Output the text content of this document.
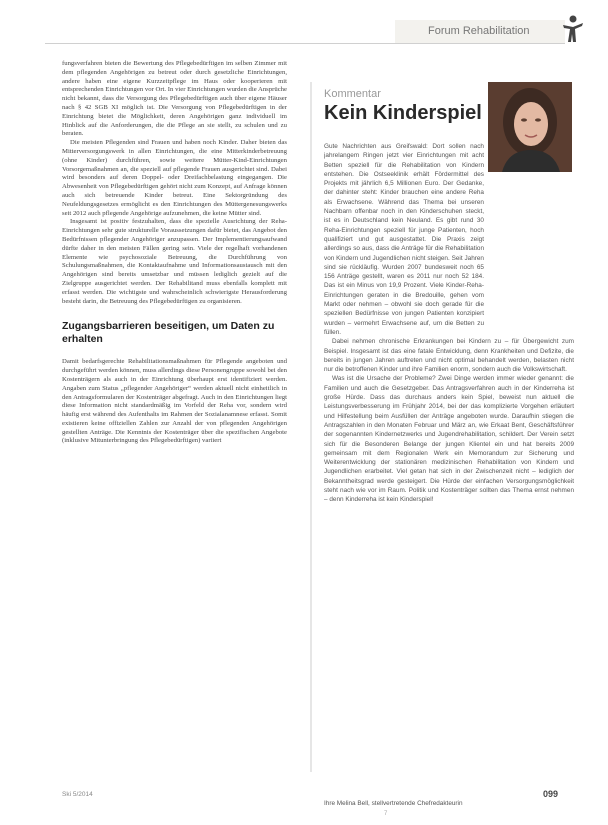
Forum Rehabilitation

fungsverfahren bieten die Bewertung des Pflegebedürftigen im selben Zimmer mit dem pflegenden Angehörigen zu betreut oder durch gesetzliche Einrichtungen, andere haben eine eigene Kurzzeitpflege im Haus oder kooperieren mit entsprechenden Einrichtungen vor Ort. In vier Einrichtungen wurden die Ansprüche nicht bekannt, dass die Versorgung des Pflegebedürftigen auch über eigene Häuser nach § 42 SGB XI möglich ist. Die Versorgung von Pflegebedürftigen in der Einrichtung bietet die Möglichkeit, deren Angehörigen ganz individuell im Hinblick auf die Anforderungen, die die Pflege an sie stellt, zu schulen und zu beraten.

Die meisten Pflegenden sind Frauen und haben noch Kinder. Daher bieten das Mitterversorgungswerk in allen Einrichtungen, die eine Mitterkinderbetreuung (ohne Kinder) durchführen, sowie weitere Mütter-Kind-Einrichtungen Vorsorgemaßnahmen an, die speziell auf pflegende Frauen ausgerichtet sind. Dabei wird besonders auf deren Doppel- oder Dreifachbelastung eingegangen. Die Abwesenheit von Pflegebedürftigen gehört nicht zum Konzept, auf Anfrage können auch sich betreuende Kinder betreut. Eine Sektorgründung des Neufeldungsgesetzes ermöglicht es den Einrichtungen des Müttergenesungswerks seit 2012 auch pflegende Angehörige aufzunehmen, die keine Mütter sind.

Insgesamt ist positiv festzuhalten, dass die spezielle Ausrichtung der Reha-Einrichtungen sehr gute strukturelle Voraussetzungen dafür bietet, das Angebot den Bedürfnissen pflegender Angehöriger anzupassen. Der Implementierungsaufwand dürfte daher in den meisten Fällen gering sein. Viele der regelhaft vorhandenen Elemente wie psychosoziale Betreuung, die Durchführung von Schulungsmaßnahmen, die Kontaktaufnahme und Informationsaustausch mit den Angehörigen sind bereits umsetzbar und müssen lediglich gezielt auf die Zielgruppe ausgerichtet werden. Der Rehabilitand muss ebenfalls komplett mit erfasst werden. Die wichtigste und wahrscheinlich schwierigste Herausforderung besteht darin, die Betreuung des Pflegebedürftigen zu organisieren.

Zugangsbarrieren beseitigen, um Daten zu erhalten

Damit bedarfsgerechte Rehabilitationsmaßnahmen für Pflegende angeboten und durchgeführt werden können, muss allerdings diese Personengruppe sowohl bei den Kostenträgern als auch in der Einrichtung überhaupt erst identifiziert werden. Angaben zum Status „pflegender Angehöriger“ werden aktuell nicht einheitlich in den Antragsformularen der Kostenträger abgefragt. Auch in den Einrichtungen liegt diese Information nicht standardmäßig im Vorfeld der Reha vor, sondern wird häufig erst während des Aufenthalts im Rahmen der Sozialanamnese erfasst. Somit existieren keine offiziellen Zahlen zur Anzahl der von pflegenden Angehörigen gestellten Anträge. Die Kenntnis der Kostenträger über die spezifischen Angebote (inklusive Mitunterbringung des Pflegebedürftigen) variiert

Kommentar
Kein Kinderspiel

Gute Nachrichten aus Greifswald: Dort sollen nach jahrelangem Ringen jetzt vier Einrichtungen mit acht Betten speziell für die Rehabilitation von Kindern entstehen. Die Ostseeklinik erhält Fördermittel des Projekts mit jährlich 6,5 Millionen Euro. Der Gedanke, der dahinter steht: Kinder brauchen eine andere Reha als Erwachsene. Während das Thema bei unseren Nachbarn offenbar noch in den Kinderschuhen steckt, ist es in Deutschland kein Neuland. Es gibt rund 30 Reha-Einrichtungen speziell für junge Patienten, hoch qualifiziert und gut ausgestattet. Die Praxis zeigt allerdings so aus, dass die Anträge für die Rehabilitation von Kindern und Jugendlichen nicht steigen. Seit Jahren sind sie rückläufig. Wurden 2007 bundesweit noch 65 156 Anträge gestellt, waren es 2011 nur noch 52 184. Das ist ein Minus von 19,9 Prozent. Viele Kinder-Reha-Einrichtungen geraten in die Bredouille, gehen vom Markt oder nehmen – obwohl sie doch gerade für die speziellen Bedürfnisse von jungen Patienten konzipiert wurden – vermehrt Erwachsene auf, um die Betten zu füllen.

Dabei nehmen chronische Erkrankungen bei Kindern zu – für Übergewicht zum Beispiel. Insgesamt ist das eine fatale Entwicklung, denn Krankheiten und Defizite, die bereits in jungen Jahren auftreten und nicht optimal behandelt werden, belasten nicht nur die betroffenen Kinder und ihre Familien enorm, sondern auch die Volkswirtschaft.

Was ist die Ursache der Probleme? Zwei Dinge werden immer wieder genannt: die Familien und auch die Gesetzgeber. Das Antragsverfahren auch in der Kinderreha ist große Hürde. Dass das durchaus anders kein Spiel, beweist nun aktuell die Leistungsverbesserung im Frühjahr 2014, bei der das komplizierte Vorgehen erläutert und Hilfestellung beim Ausfüllen der Anträge angeboten wurde. Daraufhin stiegen die Antragszahlen in den Monaten Februar und März an, wie Erkaat Bent, Geschäftsführer der sogenannten Kindernetzwerks und Jugendrehabilitation, schildert. Der Verein setzt sich für die Besonderen Belange der jungen Klientel ein und hat bereits 2009 gemeinsam mit dem Regionalen Werk ein Memorandum zur Sicherung und Weiterentwicklung der stationären medizinischen Rehabilitation von Kindern und Jugendlichen erarbeitet. Viel getan hat sich in der Zwischenzeit nicht – lediglich der Bekanntheitsgrad werde gesteigert. Die Hürde der einfachen Versorgungsmöglichkeit steht nach wie vor im Raum. Politik und Kostenträger sollten das Thema ernst nehmen – denn Kinderreha ist kein Kinderspiel!

Ihre Melina Bell, stellvertretende Chefredakteurin
Ski 5/2014
7
099
